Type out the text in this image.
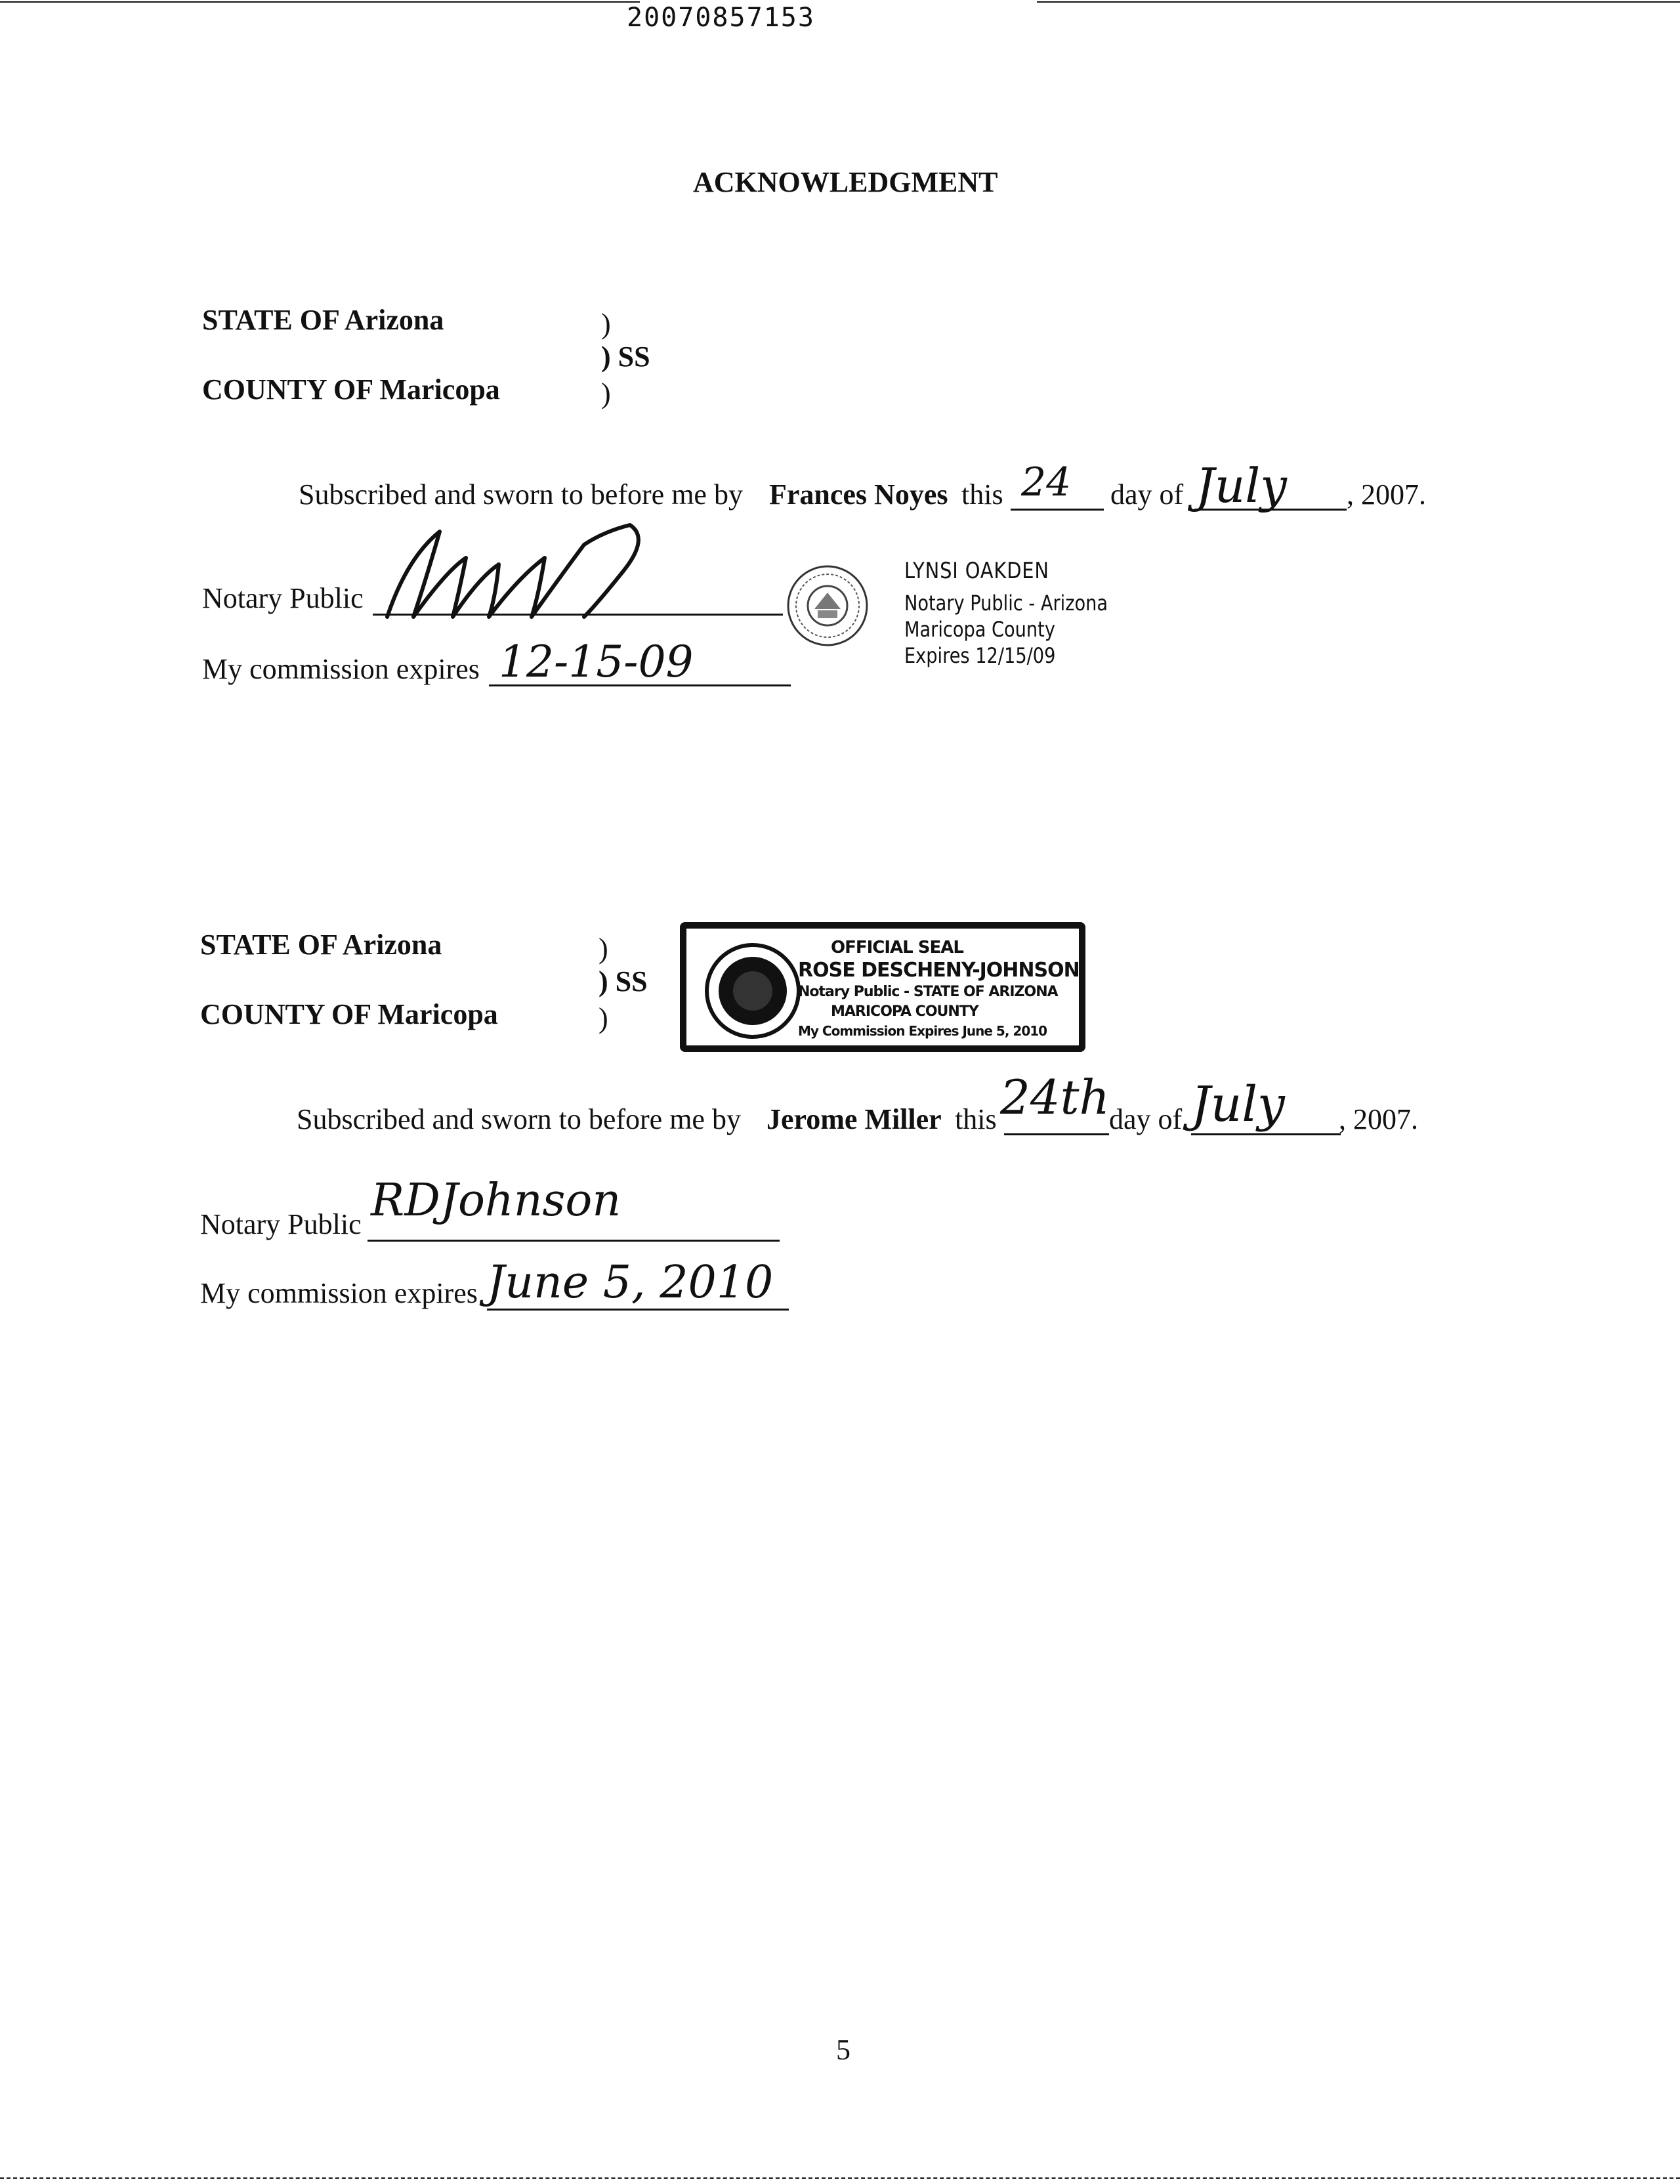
20070857153
ACKNOWLEDGMENT
STATE OF Arizona	)
) SS
COUNTY OF Maricopa	)
Subscribed and sworn to before me by Frances Noyes this 24 day of July , 2007.
Notary Public
LYNSI OAKDEN
Notary Public - Arizona
Maricopa County
Expires 12/15/09
My commission expires 12-15-09
STATE OF Arizona	)
) SS
COUNTY OF Maricopa	)
OFFICIAL SEAL
ROSE DESCHENY-JOHNSON
Notary Public - STATE OF ARIZONA
MARICOPA COUNTY
My Commission Expires June 5, 2010
Subscribed and sworn to before me by Jerome Miller this 24th day of July , 2007.
Notary Public RDJohnson
My commission expires June 5, 2010
5
